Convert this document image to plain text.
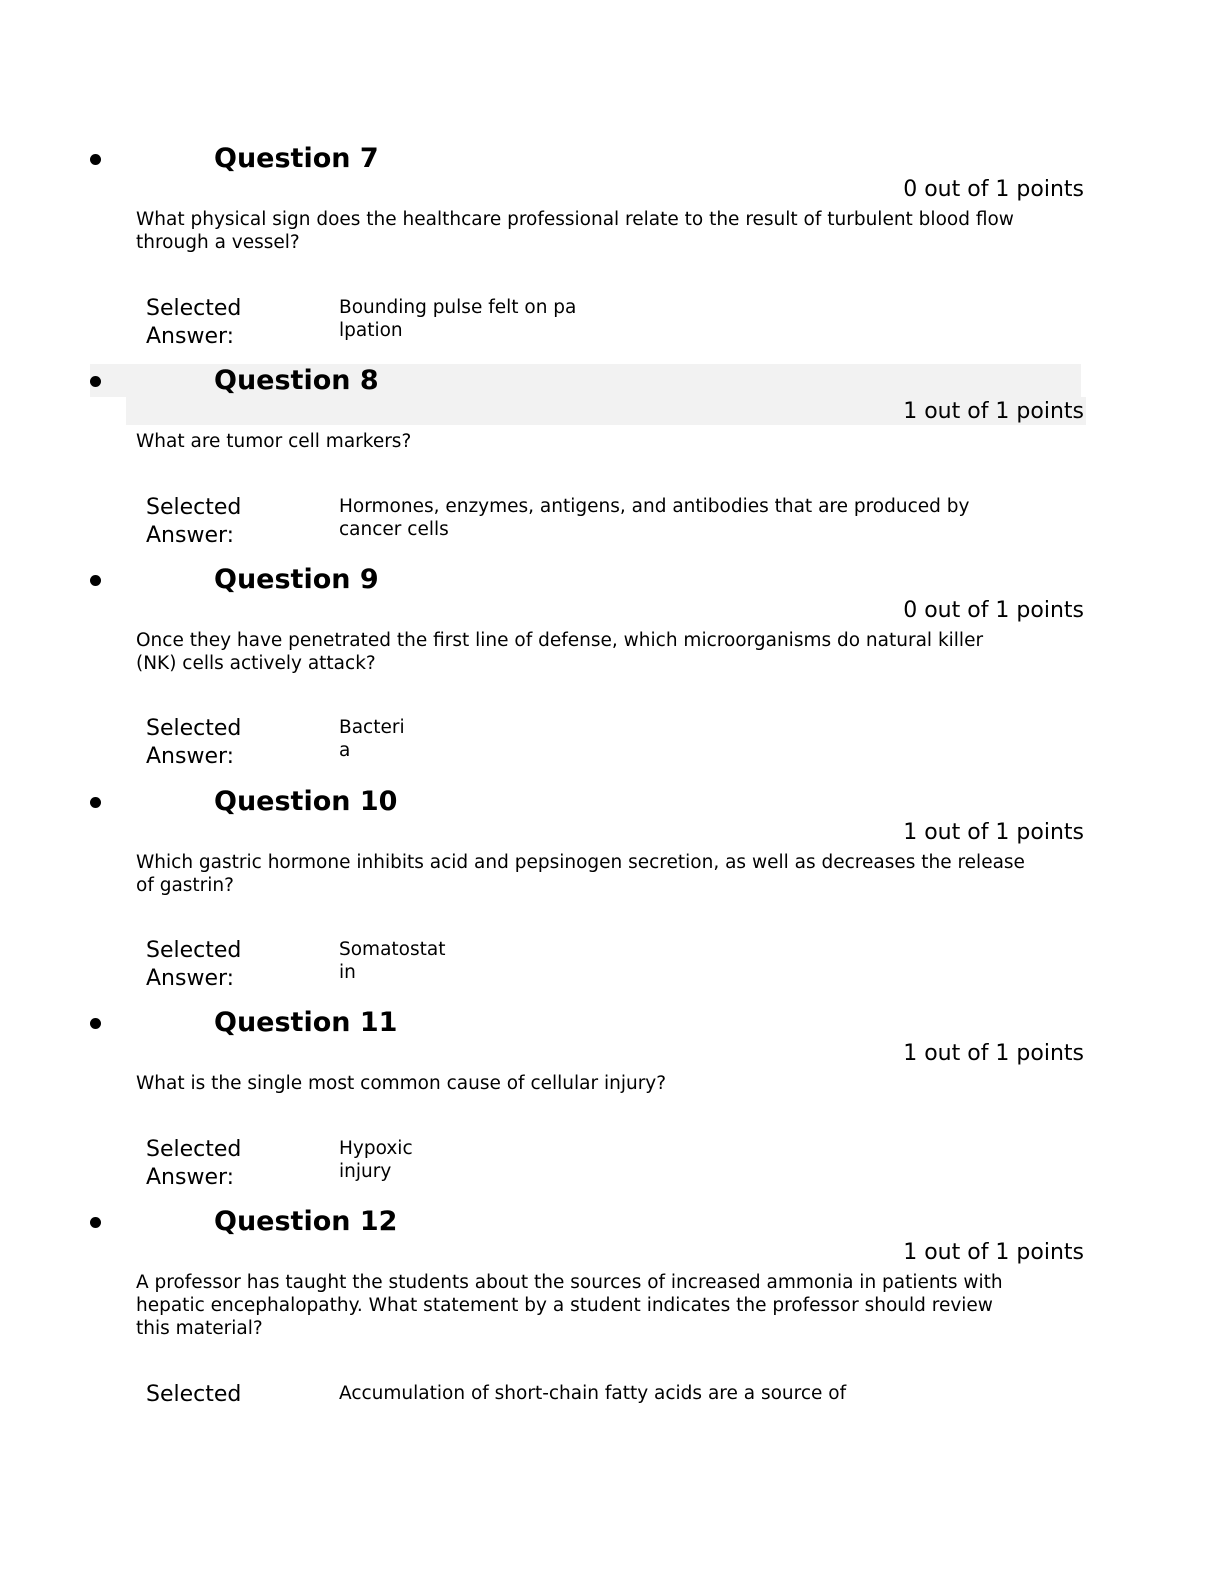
Question 7
0 out of 1 points
What physical sign does the healthcare professional relate to the result of turbulent blood flow through a vessel?
Selected Answer:
Bounding pulse felt on palpation
Question 8
1 out of 1 points
What are tumor cell markers?
Selected Answer:
Hormones, enzymes, antigens, and antibodies that are produced by cancer cells
Question 9
0 out of 1 points
Once they have penetrated the first line of defense, which microorganisms do natural killer (NK) cells actively attack?
Selected Answer:
Bacteria
Question 10
1 out of 1 points
Which gastric hormone inhibits acid and pepsinogen secretion, as well as decreases the release of gastrin?
Selected Answer:
Somatostatin
Question 11
1 out of 1 points
What is the single most common cause of cellular injury?
Selected Answer:
Hypoxic injury
Question 12
1 out of 1 points
A professor has taught the students about the sources of increased ammonia in patients with hepatic encephalopathy. What statement by a student indicates the professor should review this material?
Selected	Accumulation of short-chain fatty acids are a source of
